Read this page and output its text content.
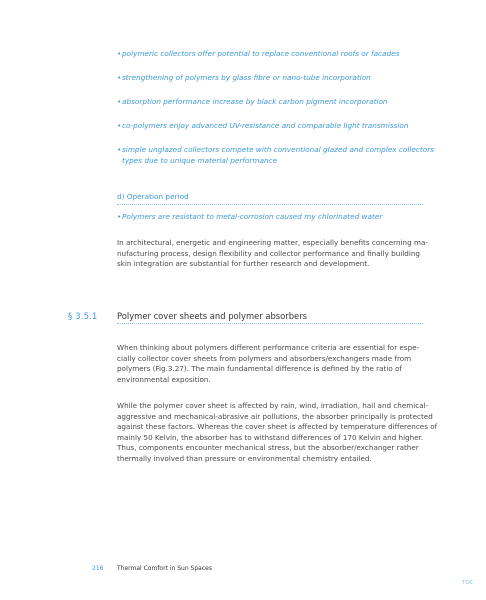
•polymeric collectors offer potential to replace conventional roofs or facades
•strengthening of polymers by glass fibre or nano-tube incorporation
•absorption performance increase by black carbon pigment incorporation
•co-polymers enjoy advanced UV-resistance and comparable light transmission
•simple unglazed collectors compete with conventional glazed and complex collectors
types due to unique material performance
d) Operation period
•Polymers are resistant to metal-corrosion caused my chlorinated water
In architectural, energetic and engineering matter, especially benefits concerning ma-
nufacturing process, design flexibility and collector performance and finally building
skin integration are substantial for further research and development.
§ 3.5.1 Polymer cover sheets and polymer absorbers
When thinking about polymers different performance criteria are essential for espe-
cially collector cover sheets from polymers and absorbers/exchangers made from
polymers (Fig.3.27). The main fundamental difference is defined by the ratio of
environmental exposition.
While the polymer cover sheet is affected by rain, wind, irradiation, hail and chemical-
aggressive and mechanical-abrasive air pollutions, the absorber principally is protected
against these factors. Whereas the cover sheet is affected by temperature differences of
mainly 50 Kelvin, the absorber has to withstand differences of 170 Kelvin and higher.
Thus, components encounter mechanical stress, but the absorber/exchanger rather
thermally involved than pressure or environmental chemistry entailed.
216 Thermal Comfort in Sun Spaces
TOC
